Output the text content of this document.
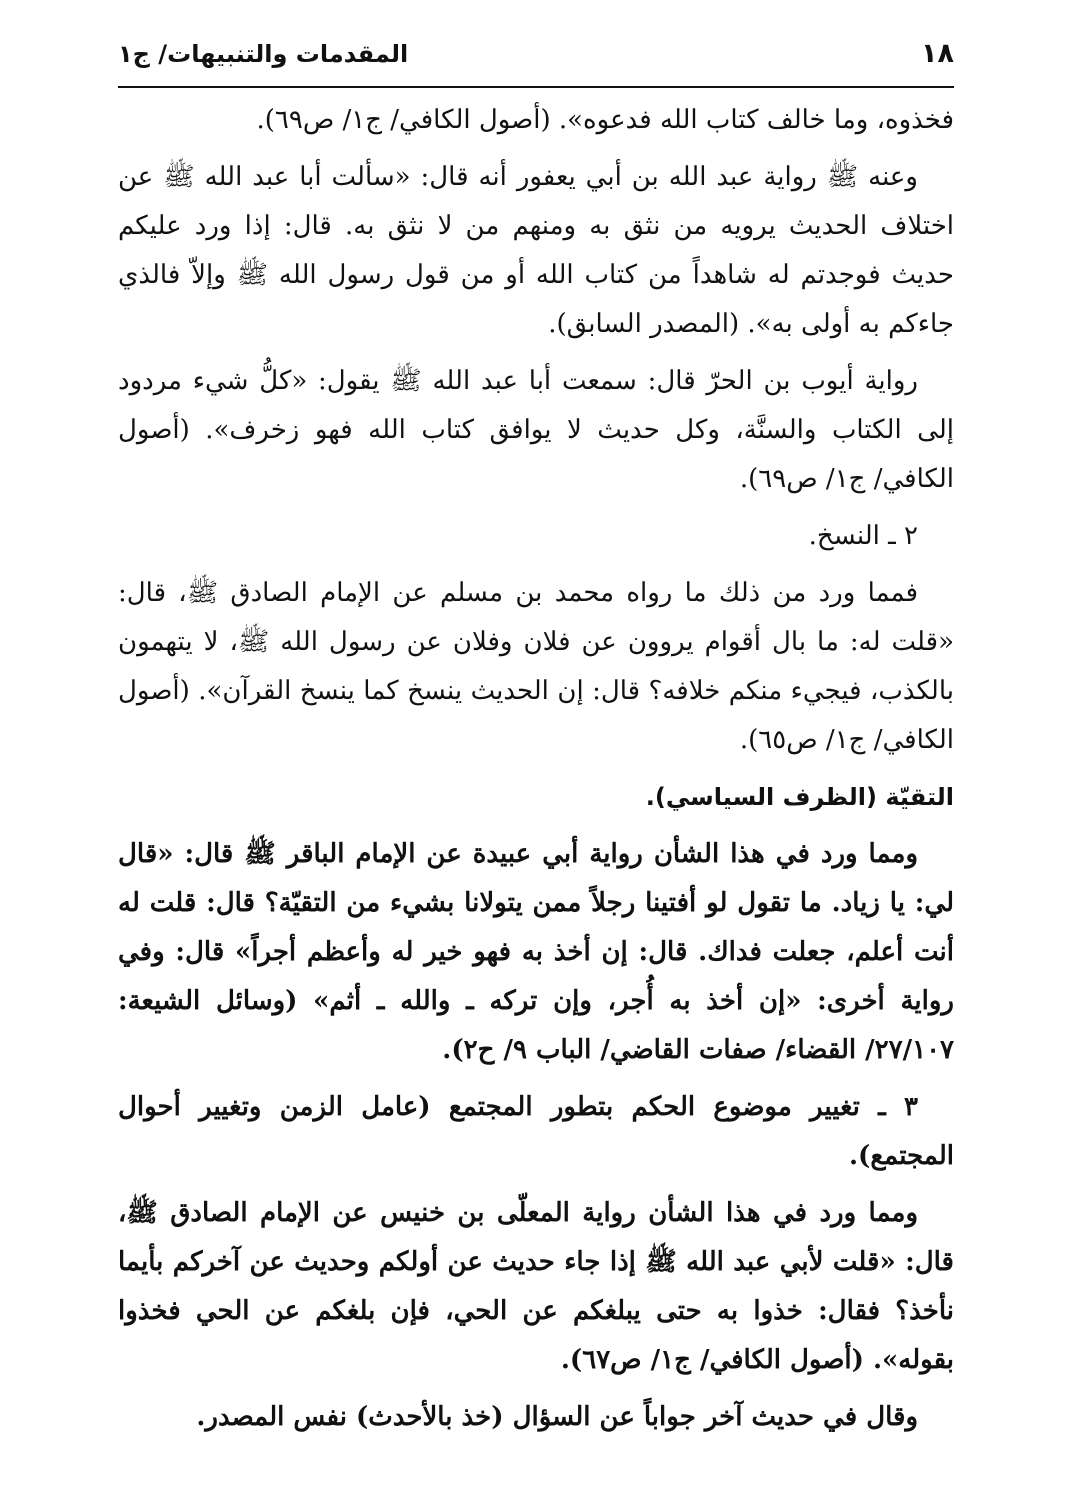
١٨
المقدمات والتنبيهات/ ج١

فخذوه، وما خالف كتاب الله فدعوه». (أصول الكافي/ ج١/ ص٦٩).

وعنه ﷺ رواية عبد الله بن أبي يعفور أنه قال: «سألت أبا عبد الله ﷺ عن اختلاف الحديث يرويه من نثق به ومنهم من لا نثق به. قال: إذا ورد عليكم حديث فوجدتم له شاهداً من كتاب الله أو من قول رسول الله ﷺ وإلاّ فالذي جاءكم به أولى به». (المصدر السابق).

رواية أيوب بن الحرّ قال: سمعت أبا عبد الله ﷺ يقول: «كلُّ شيء مردود إلى الكتاب والسنَّة، وكل حديث لا يوافق كتاب الله فهو زخرف». (أصول الكافي/ ج١/ ص٦٩).

٢ ـ النسخ.

فمما ورد من ذلك ما رواه محمد بن مسلم عن الإمام الصادق ﷺ، قال: «قلت له: ما بال أقوام يروون عن فلان وفلان عن رسول الله ﷺ، لا يتهمون بالكذب، فيجيء منكم خلافه؟ قال: إن الحديث ينسخ كما ينسخ القرآن». (أصول الكافي/ ج١/ ص٦٥).

التقيّة (الظرف السياسي).

ومما ورد في هذا الشأن رواية أبي عبيدة عن الإمام الباقر ﷺ قال: «قال لي: يا زياد. ما تقول لو أفتينا رجلاً ممن يتولانا بشيء من التقيّة؟ قال: قلت له أنت أعلم، جعلت فداك. قال: إن أخذ به فهو خير له وأعظم أجراً» قال: وفي رواية أخرى: «إن أخذ به أُجر، وإن تركه ـ والله ـ أثم» (وسائل الشيعة: ٢٧/١٠٧/ القضاء/ صفات القاضي/ الباب ٩/ ح٢).

٣ ـ تغيير موضوع الحكم بتطور المجتمع (عامل الزمن وتغيير أحوال المجتمع).

ومما ورد في هذا الشأن رواية المعلّى بن خنيس عن الإمام الصادق ﷺ، قال: «قلت لأبي عبد الله ﷺ إذا جاء حديث عن أولكم وحديث عن آخركم بأيما نأخذ؟ فقال: خذوا به حتى يبلغكم عن الحي، فإن بلغكم عن الحي فخذوا بقوله». (أصول الكافي/ ج١/ ص٦٧).

وقال في حديث آخر جواباً عن السؤال (خذ بالأحدث) نفس المصدر.
